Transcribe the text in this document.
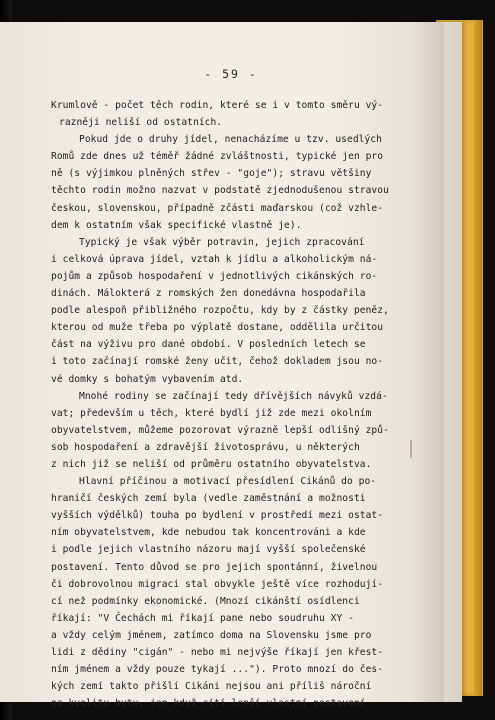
- 59 -
Krumlově - počet těch rodin, které se i v tomto směru vý-
razněji neliší od ostatních.
Pokud jde o druhy jídel, nenacházíme u tzv. usedlých
Romů zde dnes už téměř žádné zvláštnosti, typické jen pro
ně (s výjimkou plněných střev - "goje"); stravu většiny
těchto rodin možno nazvat v podstatě zjednodušenou stravou
českou, slovenskou, případně zčásti maďarskou (což vzhle-
dem k ostatním však specifické vlastně je).
Typický je však výběr potravin, jejich zpracování
i celková úprava jídel, vztah k jídlu a alkoholickým ná-
pojům a způsob hospodaření v jednotlivých cikánských ro-
dinách. Málokterá z romských žen donedávna hospodařila
podle alespoň přibližného rozpočtu, kdy by z částky peněz,
kterou od muže třeba po výplatě dostane, oddělila určitou
část na výživu pro dané období. V posledních letech se
i toto začínají romské ženy učit, čehož dokladem jsou no-
vé domky s bohatým vybavením atd.
Mnohé rodiny se začínají tedy dřívějších návyků vzdá-
vat; především u těch, které bydlí již zde mezi okolním
obyvatelstvem, můžeme pozorovat výrazně lepší odlišný způ-
sob hospodaření a zdravější životosprávu, u některých
z nich již se neliší od průměru ostatního obyvatelstva.
Hlavní příčinou a motivací přesídlení Cikánů do po-
hraničí českých zemí byla (vedle zaměstnání a možnosti
vyšších výdělků) touha po bydlení v prostředí mezi ostat-
ním obyvatelstvem, kde nebudou tak koncentrováni a kde
i podle jejich vlastního názoru mají vyšší společenské
postavení. Tento důvod se pro jejich spontánní, živelnou
či dobrovolnou migraci stal obvykle ještě více rozhodují-
cí než podmínky ekonomické. (Mnozí cikánští osídlenci
říkají: "V Čechách mi říkají pane nebo soudruhu XY -
a vždy celým jménem, zatímco doma na Slovensku jsme pro
lidi z dědiny "cigán" - nebo mi nejvýše říkají jen křest-
ním jménem a vždy pouze tykají ..."). Proto mnozí do čes-
kých zemí takto přišlí Cikáni nejsou ani příliš nároční
na kvalitu bytu, jen když cítí lepší vlastní postavení
